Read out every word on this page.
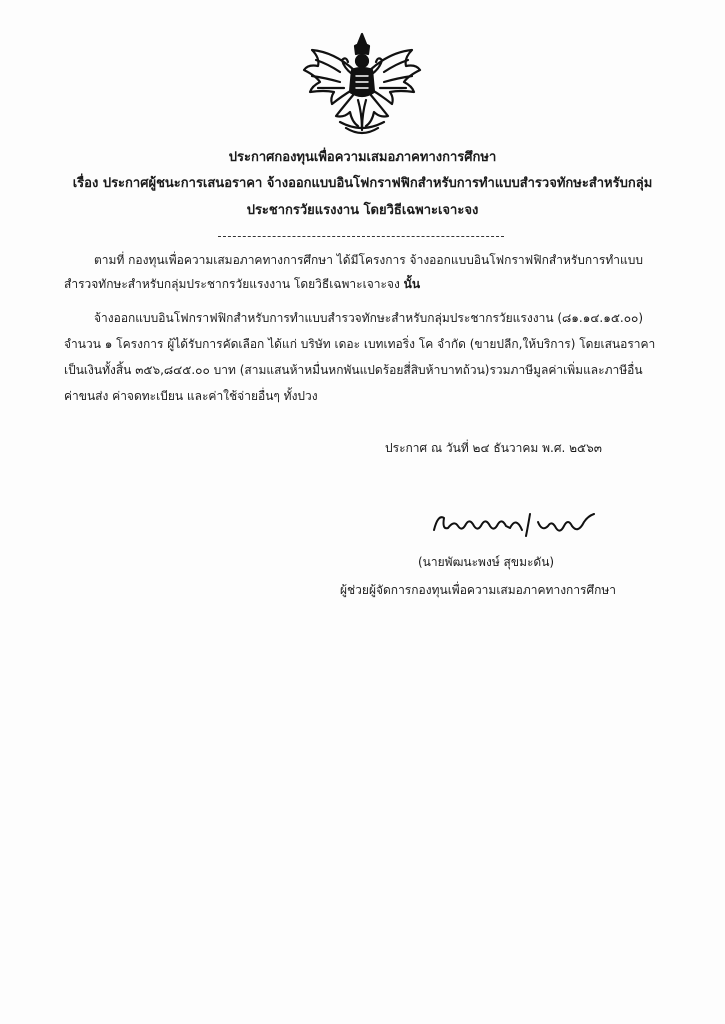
ประกาศกองทุนเพื่อความเสมอภาคทางการศึกษา
เรื่อง ประกาศผู้ชนะการเสนอราคา จ้างออกแบบอินโฟกราฟฟิกสำหรับการทำแบบสำรวจทักษะสำหรับกลุ่ม
ประชากรวัยแรงงาน โดยวิธีเฉพาะเจาะจง
ตามที่ กองทุนเพื่อความเสมอภาคทางการศึกษา ได้มีโครงการ จ้างออกแบบอินโฟกราฟฟิกสำหรับการทำแบบ
สำรวจทักษะสำหรับกลุ่มประชากรวัยแรงงาน โดยวิธีเฉพาะเจาะจง นั้น
จ้างออกแบบอินโฟกราฟฟิกสำหรับการทำแบบสำรวจทักษะสำหรับกลุ่มประชากรวัยแรงงาน (๘๑.๑๔.๑๕.๐๐)
จำนวน ๑ โครงการ ผู้ได้รับการคัดเลือก ได้แก่ บริษัท เดอะ เบทเทอริ่ง โค จำกัด (ขายปลีก,ให้บริการ) โดยเสนอราคา
เป็นเงินทั้งสิ้น ๓๕๖,๘๔๕.๐๐ บาท (สามแสนห้าหมื่นหกพันแปดร้อยสี่สิบห้าบาทถ้วน)รวมภาษีมูลค่าเพิ่มและภาษีอื่น
ค่าขนส่ง ค่าจดทะเบียน และค่าใช้จ่ายอื่นๆ ทั้งปวง
ประกาศ ณ วันที่ ๒๔ ธันวาคม พ.ศ. ๒๕๖๓
(นายพัฒนะพงษ์ สุขมะดัน)
ผู้ช่วยผู้จัดการกองทุนเพื่อความเสมอภาคทางการศึกษา
